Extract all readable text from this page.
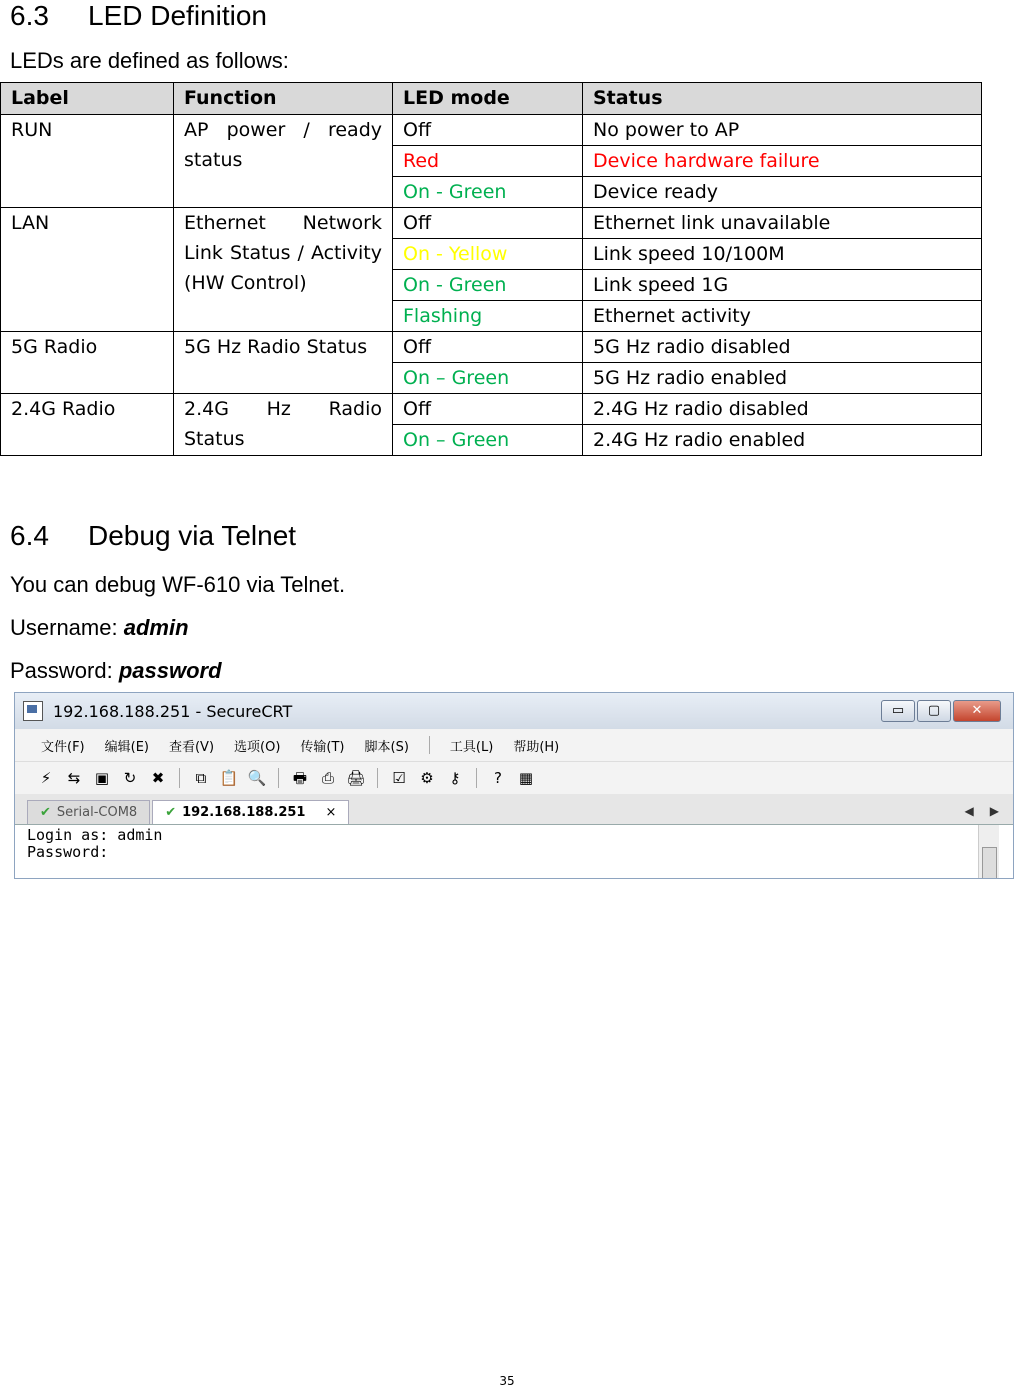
6.3 LED Definition
LEDs are defined as follows:
Label	Function	LED mode	Status
RUN	AP power / ready status	Off	No power to AP
		Red	Device hardware failure
		On - Green	Device ready
LAN	Ethernet Network Link Status / Activity (HW Control)	Off	Ethernet link unavailable
		On - Yellow	Link speed 10/100M
		On - Green	Link speed 1G
		Flashing	Ethernet activity
5G Radio	5G Hz Radio Status	Off	5G Hz radio disabled
		On – Green	5G Hz radio enabled
2.4G Radio	2.4G Hz Radio Status	Off	2.4G Hz radio disabled
		On – Green	2.4G Hz radio enabled
6.4 Debug via Telnet
You can debug WF-610 via Telnet.
Username: admin
Password: password
192.168.188.251 - SecureCRT	▭	▢	✕
文件(F) 编辑(E) 查看(V) 选项(O) 传输(T) 脚本(S)	工具(L) 帮助(H)
⚡	⇆ ▣ ↻	✖	⧉ 📋 🔍 🖶 ⎙ 🖨 ☑ ⚙	⚷	?	▦
✔ Serial-COM8 ✔ 192.168.188.251 ×	◀ ▶
Login as: admin
Password:

35
